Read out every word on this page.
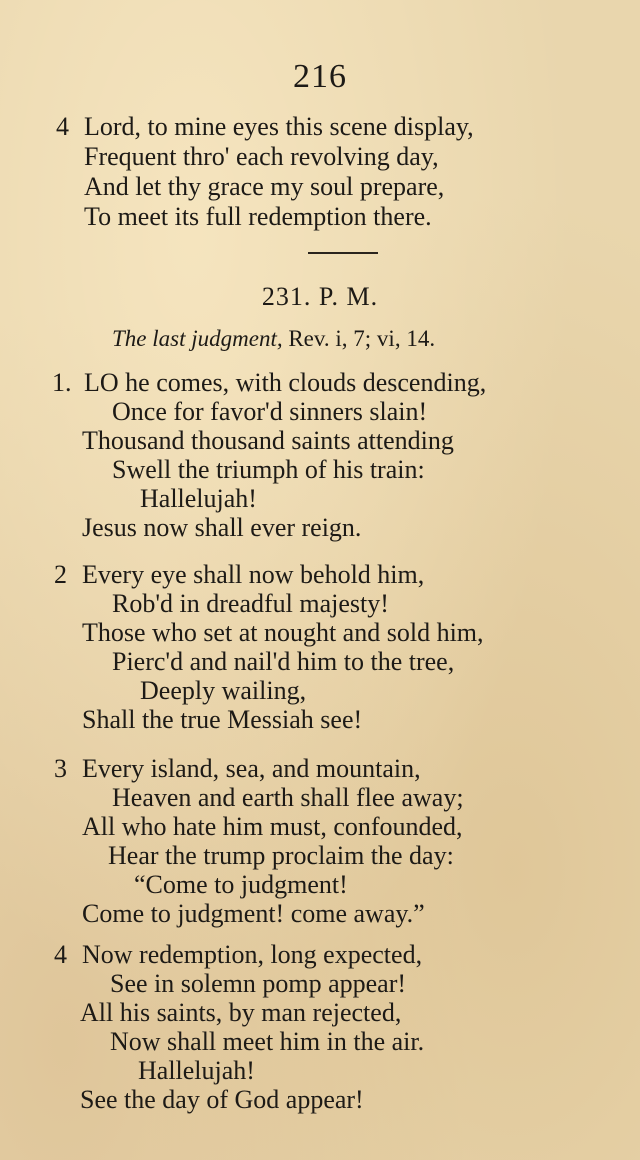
216
4 Lord, to mine eyes this scene display,
Frequent thro' each revolving day,
And let thy grace my soul prepare,
To meet its full redemption there.
231. P. M.
The last judgment, Rev. i, 7; vi, 14.
1. LO he comes, with clouds descending,
Once for favor'd sinners slain!
Thousand thousand saints attending
Swell the triumph of his train:
Hallelujah!
Jesus now shall ever reign.
2 Every eye shall now behold him,
Rob'd in dreadful majesty!
Those who set at nought and sold him,
Pierc'd and nail'd him to the tree,
Deeply wailing,
Shall the true Messiah see!
3 Every island, sea, and mountain,
Heaven and earth shall flee away;
All who hate him must, confounded,
Hear the trump proclaim the day:
“Come to judgment!
Come to judgment! come away.”
4 Now redemption, long expected,
See in solemn pomp appear!
All his saints, by man rejected,
Now shall meet him in the air.
Hallelujah!
See the day of God appear!
